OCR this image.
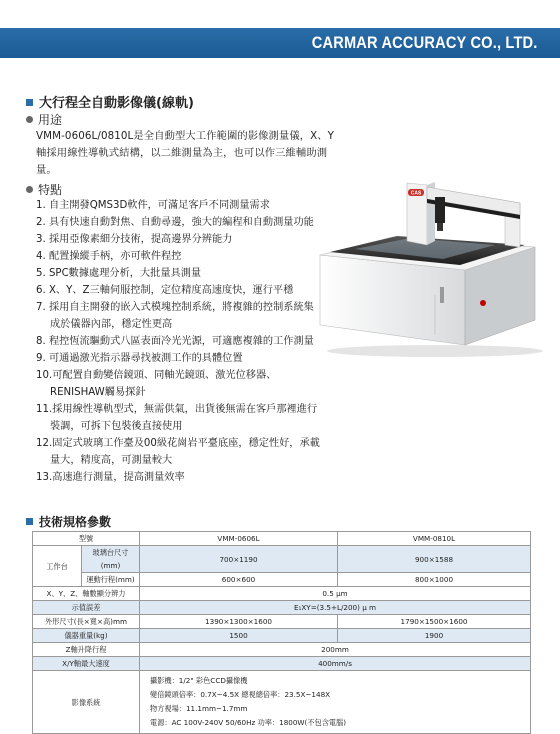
CARMAR ACCURACY CO., LTD.
大行程全自動影像儀(線軌)
用途
VMM-0606L/0810L是全自動型大工作範圍的影像測量儀，X、Y
軸採用線性導軌式結構，以二維測量為主，也可以作三維輔助測
量。
特點
1. 自主開發QMS3D軟件，可滿足客戶不同測量需求
2. 具有快速自動對焦、自動尋邊，強大的編程和自動測量功能
3. 採用亞像素細分技術，提高邊界分辨能力
4. 配置操縱手柄，亦可軟件程控
5. SPC數據處理分析，大批量具測量
6. X、Y、Z三軸伺服控制，定位精度高速度快，運行平穩
7. 採用自主開發的嵌入式模塊控制系統，將複雜的控制系統集
成於儀器內部，穩定性更高
8. 程控恆流驅動式八區表面冷光光源，可適應複雜的工作測量
9. 可通過激光指示器尋找被測工作的具體位置
10.可配置自動變倍鏡頭、同軸光鏡頭、激光位移器、
RENISHAW觸易探針
11.採用線性導軌型式，無需供氣，出貨後無需在客戶那裡進行
裝調，可拆下包裝後直接使用
12.固定式玻璃工作臺及00級花崗岩平臺底座，穩定性好，承載
量大，精度高，可測量較大
13.高速進行測量，提高測量效率
CAS
技術規格參數
型號		VMM-0606L	VMM-0810L
工作台	玻璃台尺寸(mm)	700×1190	900×1588
	運動行程(mm)	600×600	800×1000
X、Y、Z、軸數顯分辨力		0.5 μm	
示值誤差		E₁XY=(3.5+L/200) μ m	
外形尺寸(長×寬×高)mm		1390×1300×1600	1790×1500×1600
儀器重量(kg)		1500	1900
Z軸升降行程		200mm	
X/Y軸最大速度		400mm/s	
影像系統		攝影機：1/2" 彩色CCD攝像機
變倍鏡頭倍率：0.7X~4.5X 總視總倍率：23.5X~148X
物方視場：11.1mm~1.7mm
電源：AC 100V-240V 50/60Hz 功率：1800W(不包含電腦)	
